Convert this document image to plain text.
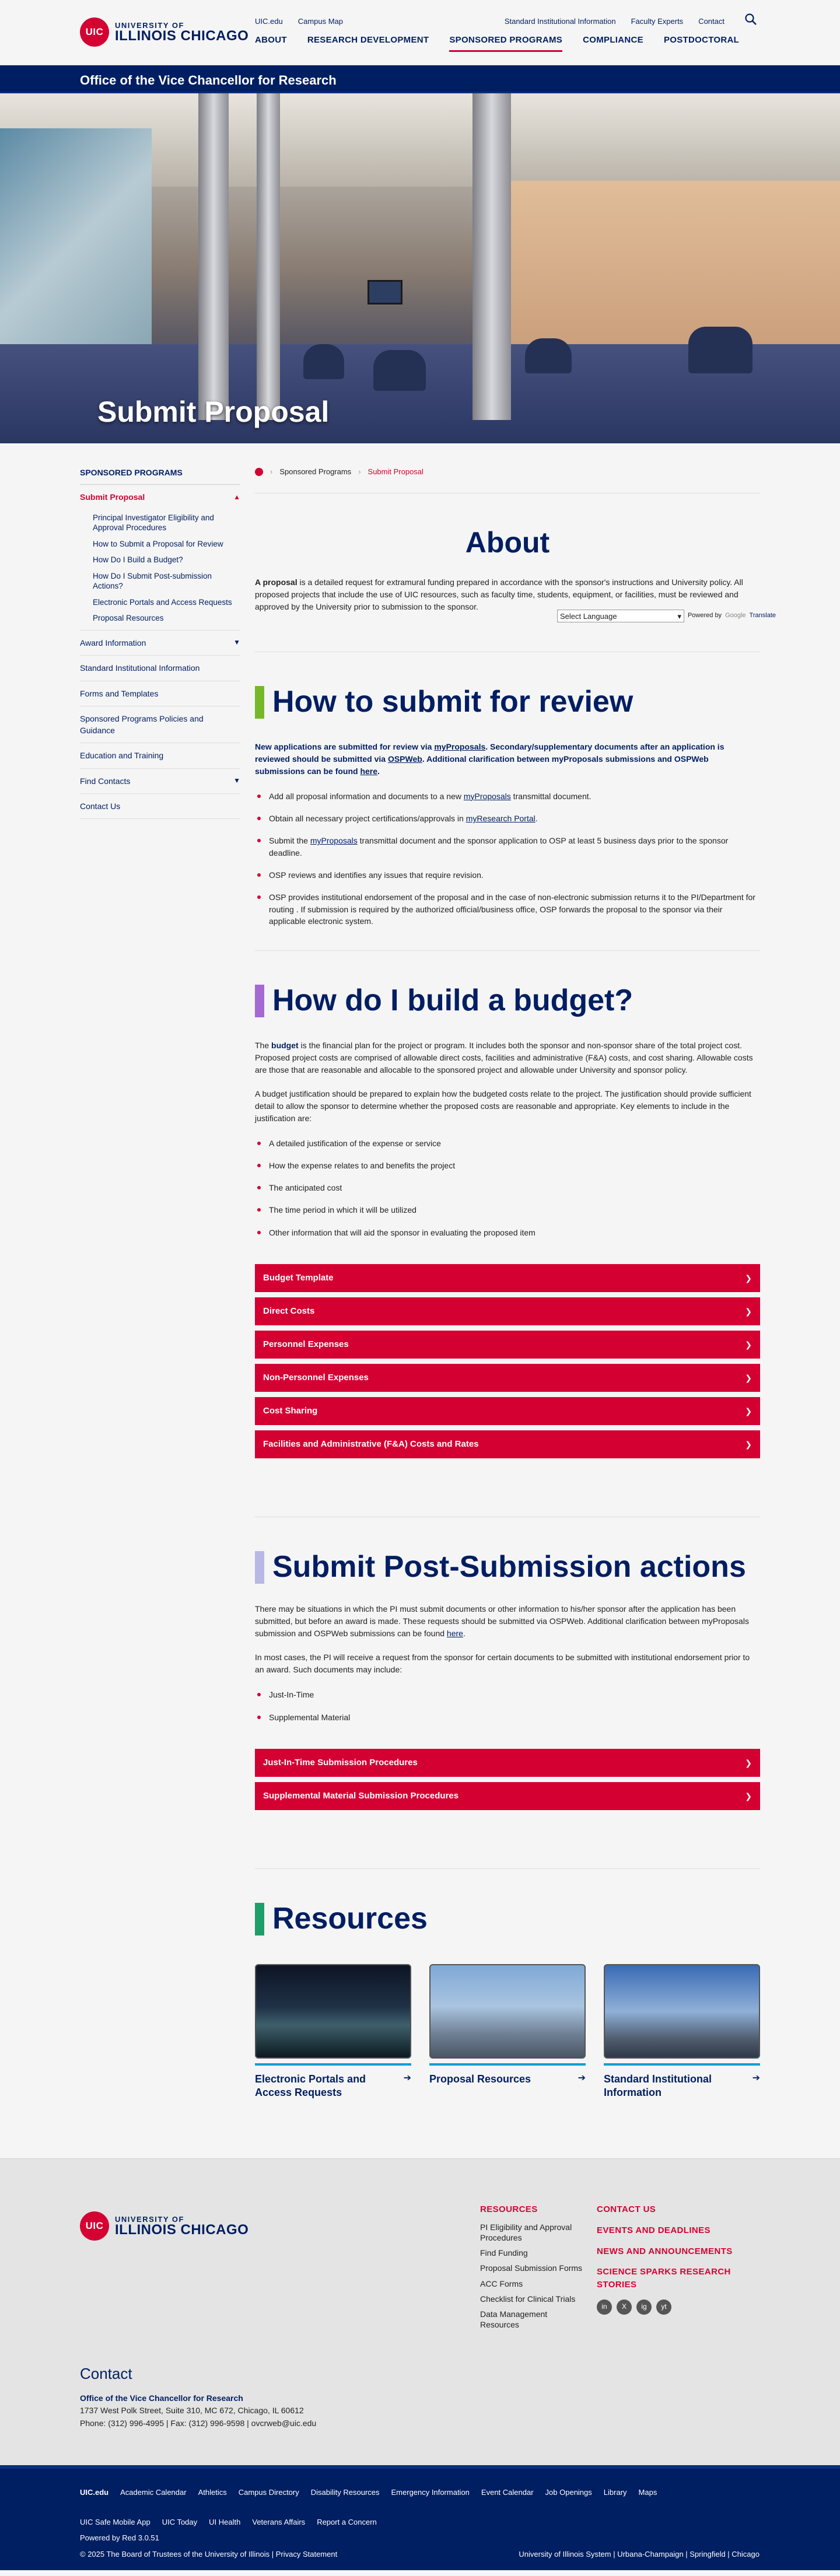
UIC
UNIVERSITY OF
ILLINOIS CHICAGO
UIC.edu Campus Map	Standard Institutional Information Faculty Experts Contact
ABOUT RESEARCH DEVELOPMENT SPONSORED PROGRAMS COMPLIANCE POSTDOCTORAL
Office of the Vice Chancellor for Research
Submit Proposal
SPONSORED PROGRAMS
Submit Proposal	▲
Principal Investigator Eligibility and Approval Procedures
How to Submit a Proposal for Review
How Do I Build a Budget?
How Do I Submit Post-submission Actions?
Electronic Portals and Access Requests
Proposal Resources
Award Information	▼
Standard Institutional Information
Forms and Templates
Sponsored Programs Policies and Guidance
Education and Training
Find Contacts	▼
Contact Us
› Sponsored Programs › Submit Proposal
Select Language	▾ Powered by Google Translate
About

A proposal is a detailed request for extramural funding prepared in accordance with the sponsor's instructions and University policy. All proposed projects that include the use of UIC resources, such as faculty time, students, equipment, or facilities, must be reviewed and approved by the University prior to submission to the sponsor.

How to submit for review

New applications are submitted for review via myProposals. Secondary/supplementary documents after an application is reviewed should be submitted via OSPWeb. Additional clarification between myProposals submissions and OSPWeb submissions can be found here.

Add all proposal information and documents to a new myProposals transmittal document.
Obtain all necessary project certifications/approvals in myResearch Portal.
Submit the myProposals transmittal document and the sponsor application to OSP at least 5 business days prior to the sponsor deadline.
OSP reviews and identifies any issues that require revision.
OSP provides institutional endorsement of the proposal and in the case of non-electronic submission returns it to the PI/Department for routing . If submission is required by the authorized official/business office, OSP forwards the proposal to the sponsor via their applicable electronic system.
How do I build a budget?

The budget is the financial plan for the project or program. It includes both the sponsor and non-sponsor share of the total project cost. Proposed project costs are comprised of allowable direct costs, facilities and administrative (F&A) costs, and cost sharing. Allowable costs are those that are reasonable and allocable to the sponsored project and allowable under University and sponsor policy.

A budget justification should be prepared to explain how the budgeted costs relate to the project. The justification should provide sufficient detail to allow the sponsor to determine whether the proposed costs are reasonable and appropriate. Key elements to include in the justification are:

A detailed justification of the expense or service
How the expense relates to and benefits the project
The anticipated cost
The time period in which it will be utilized
Other information that will aid the sponsor in evaluating the proposed item
Budget Template	❯
Direct Costs	❯
Personnel Expenses	❯
Non-Personnel Expenses	❯
Cost Sharing	❯
Facilities and Administrative (F&A) Costs and Rates	❯
Submit Post-Submission actions

There may be situations in which the PI must submit documents or other information to his/her sponsor after the application has been submitted, but before an award is made. These requests should be submitted via OSPWeb. Additional clarification between myProposals submission and OSPWeb submissions can be found here.

In most cases, the PI will receive a request from the sponsor for certain documents to be submitted with institutional endorsement prior to an award. Such documents may include:

Just-In-Time
Supplemental Material
Just-In-Time Submission Procedures	❯
Supplemental Material Submission Procedures	❯
Resources
Electronic Portals and Access Requests
➔ Proposal Resources	➔ Standard Institutional Information
➔
UIC
UNIVERSITY OF
ILLINOIS CHICAGO
RESOURCES
PI Eligibility and Approval Procedures
Find Funding
Proposal Submission Forms
ACC Forms
Checklist for Clinical Trials
Data Management Resources
CONTACT US
EVENTS AND DEADLINES
NEWS AND ANNOUNCEMENTS
SCIENCE SPARKS RESEARCH STORIES
in	X	ig	yt
Contact
Office of the Vice Chancellor for Research

1737 West Polk Street, Suite 310, MC 672, Chicago, IL 60612

Phone: (312) 996-4995 | Fax: (312) 996-9598 | ovcrweb@uic.edu

UIC.edu Academic Calendar Athletics Campus Directory Disability Resources Emergency Information Event Calendar Job Openings Library Maps
UIC Safe Mobile App UIC Today UI Health Veterans Affairs Report a Concern
Powered by Red 3.0.51
© 2025 The Board of Trustees of the University of Illinois | Privacy Statement	University of Illinois System | Urbana-Champaign | Springfield | Chicago
